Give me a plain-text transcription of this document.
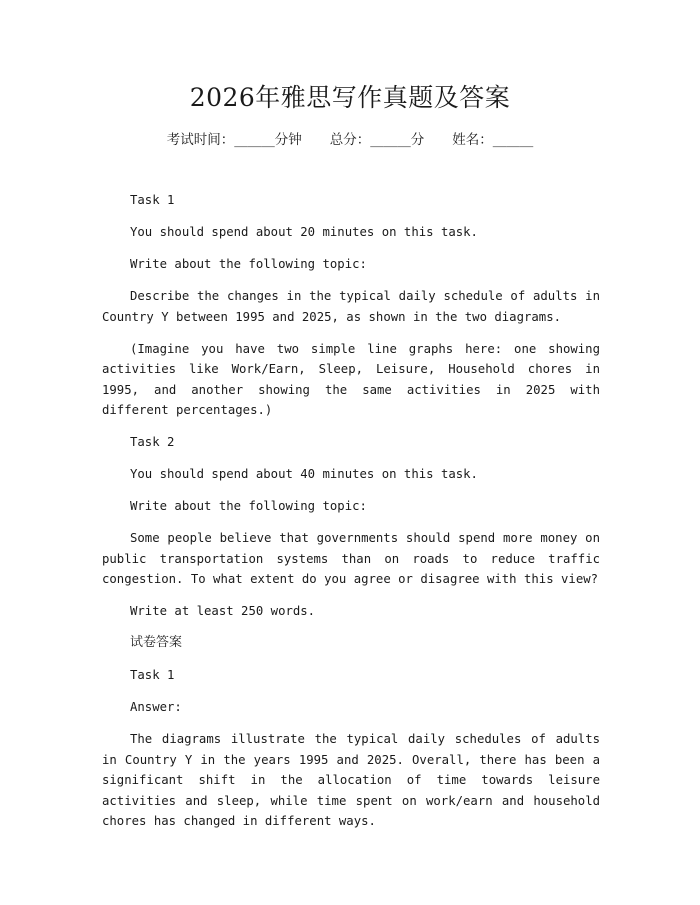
2026年雅思写作真题及答案
考试时间：______分钟 总分：______分 姓名：______

Task 1

You should spend about 20 minutes on this task.

Write about the following topic:

Describe the changes in the typical daily schedule of adults in Country Y between 1995 and 2025, as shown in the two diagrams.

(Imagine you have two simple line graphs here: one showing activities like Work/Earn, Sleep, Leisure, Household chores in 1995, and another showing the same activities in 2025 with different percentages.)

Task 2

You should spend about 40 minutes on this task.

Write about the following topic:

Some people believe that governments should spend more money on public transportation systems than on roads to reduce traffic congestion. To what extent do you agree or disagree with this view?

Write at least 250 words.

试卷答案

Task 1

Answer:

The diagrams illustrate the typical daily schedules of adults in Country Y in the years 1995 and 2025. Overall, there has been a significant shift in the allocation of time towards leisure activities and sleep, while time spent on work/earn and household chores has changed in different ways.
